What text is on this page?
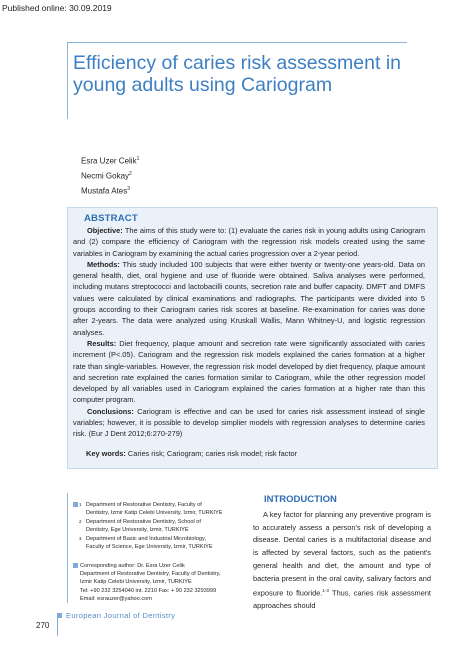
Published online: 30.09.2019
Efficiency of caries risk assessment in young adults using Cariogram
Esra Uzer Celik$^1$
Necmi Gokay$^2$
Mustafa Ates$^3$
ABSTRACT

Objective: The aims of this study were to: (1) evaluate the caries risk in young adults using Cariogram and (2) compare the efficiency of Cariogram with the regression risk models created using the same variables in Cariogram by examining the actual caries progression over a 2-year period.

Methods: This study included 100 subjects that were either twenty or twenty-one years-old. Data on general health, diet, oral hygiene and use of fluoride were obtained. Saliva analyses were performed, including mutans streptococci and lactobacilli counts, secretion rate and buffer capacity. DMFT and DMFS values were calculated by clinical examinations and radiographs. The participants were divided into 5 groups according to their Cariogram caries risk scores at baseline. Re-examination for caries was done after 2-years. The data were analyzed using Kruskall Wallis, Mann Whitney-U, and logistic regression analyses.

Results: Diet frequency, plaque amount and secretion rate were significantly associated with caries increment (P<.05). Cariogram and the regression risk models explained the caries formation at a higher rate than single-variables. However, the regression risk model developed by diet frequency, plaque amount and secretion rate explained the caries formation similar to Cariogram, while the other regression model developed by all variables used in Cariogram explained the caries formation at a higher rate than this computer program.

Conclusions: Cariogram is effective and can be used for caries risk assessment instead of single variables; however, it is possible to develop simplier models with regression analyses to determine caries risk. (Eur J Dent 2012;6:270-279)

Key words: Caries risk; Cariogram; caries risk model; risk factor
1 Department of Restorative Dentistry, Faculty of
Dentistry, Izmir Katip Celebi University, Izmir, TURKIYE
2 Department of Restorative Dentistry, School of
Dentistry, Ege University, Izmir, TURKIYE
3 Department of Basic and Industrial Microbiology,
Faculty of Science, Ege University, Izmir, TURKIYE
Corresponding author: Dr. Esra Uzer Celik
Department of Restorative Dentistry, Faculty of Dentistry,
Izmir Katip Celebi University, Izmir, TURKIYE
Tel: +90 232 3254040 int. 2210 Fax: + 90 232 3293999
Email: esrauzer@yahoo.com
INTRODUCTION

A key factor for planning any preventive program is to accurately assess a person's risk of developing a disease. Dental caries is a multifactorial disease and is affected by several factors, such as the patient's general health and diet, the amount and type of bacteria present in the oral cavity, salivary factors and exposure to fluoride.$^{1-3}$ Thus, caries risk assessment approaches should

European Journal of Dentistry
270
